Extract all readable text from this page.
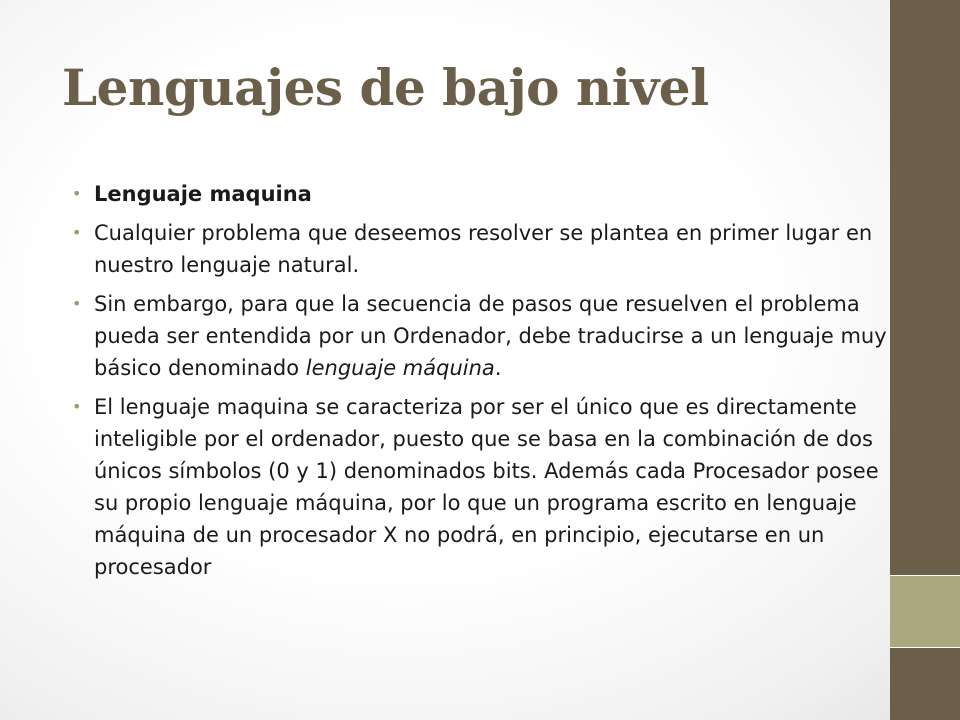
Lenguajes de bajo nivel
• Lenguaje maquina
• Cualquier problema que deseemos resolver se plantea en primer lugar en nuestro lenguaje natural.
• Sin embargo, para que la secuencia de pasos que resuelven el problema pueda ser entendida por un Ordenador, debe traducirse a un lenguaje muy básico denominado lenguaje máquina.
• El lenguaje maquina se caracteriza por ser el único que es directamente inteligible por el ordenador, puesto que se basa en la combinación de dos únicos símbolos (0 y 1) denominados bits. Además cada Procesador posee su propio lenguaje máquina, por lo que un programa escrito en lenguaje máquina de un procesador X no podrá, en principio, ejecutarse en un procesador
